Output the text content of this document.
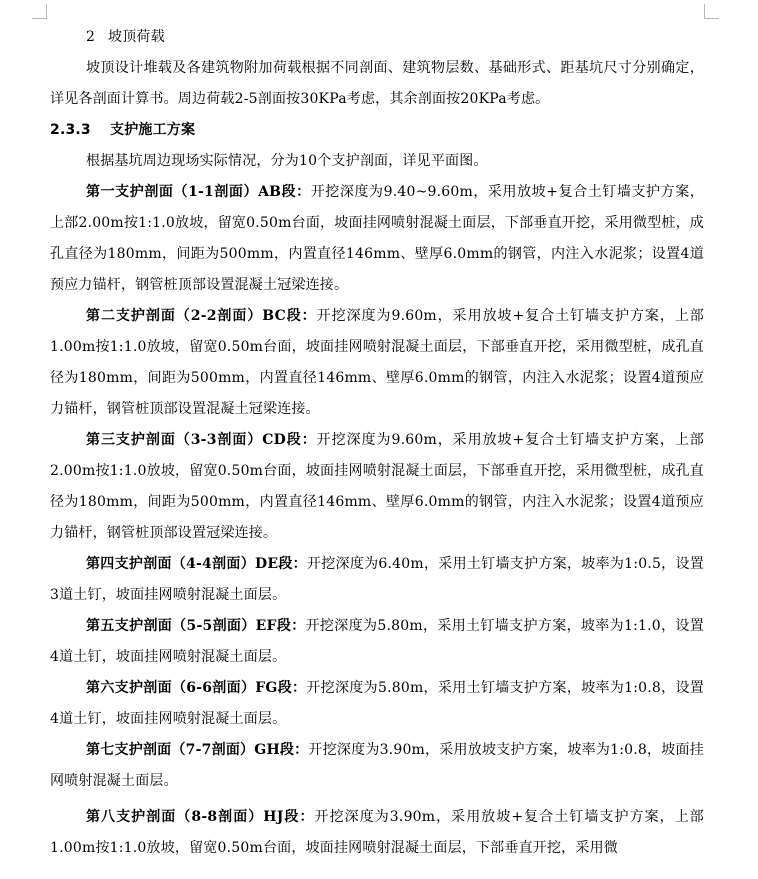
2 坡顶荷载

坡顶设计堆载及各建筑物附加荷载根据不同剖面、建筑物层数、基础形式、距基坑尺寸分别确定，详见各剖面计算书。周边荷载2-5剖面按30KPa考虑，其余剖面按20KPa考虑。

2.3.3 支护施工方案

根据基坑周边现场实际情况，分为10个支护剖面，详见平面图。

第一支护剖面（1-1剖面）AB段：开挖深度为9.40~9.60m，采用放坡+复合土钉墙支护方案，上部2.00m按1:1.0放坡，留宽0.50m台面，坡面挂网喷射混凝土面层，下部垂直开挖，采用微型桩，成孔直径为180mm，间距为500mm，内置直径146mm、壁厚6.0mm的钢管，内注入水泥浆；设置4道预应力锚杆，钢管桩顶部设置混凝土冠梁连接。

第二支护剖面（2-2剖面）BC段：开挖深度为9.60m，采用放坡+复合土钉墙支护方案，上部1.00m按1:1.0放坡，留宽0.50m台面，坡面挂网喷射混凝土面层，下部垂直开挖，采用微型桩，成孔直径为180mm，间距为500mm，内置直径146mm、壁厚6.0mm的钢管，内注入水泥浆；设置4道预应力锚杆，钢管桩顶部设置混凝土冠梁连接。

第三支护剖面（3-3剖面）CD段：开挖深度为9.60m，采用放坡+复合土钉墙支护方案，上部2.00m按1:1.0放坡，留宽0.50m台面，坡面挂网喷射混凝土面层，下部垂直开挖，采用微型桩，成孔直径为180mm，间距为500mm，内置直径146mm、壁厚6.0mm的钢管，内注入水泥浆；设置4道预应力锚杆，钢管桩顶部设置冠梁连接。

第四支护剖面（4-4剖面）DE段：开挖深度为6.40m，采用土钉墙支护方案，坡率为1:0.5，设置3道土钉，坡面挂网喷射混凝土面层。

第五支护剖面（5-5剖面）EF段：开挖深度为5.80m，采用土钉墙支护方案，坡率为1:1.0，设置4道土钉，坡面挂网喷射混凝土面层。

第六支护剖面（6-6剖面）FG段：开挖深度为5.80m，采用土钉墙支护方案，坡率为1:0.8，设置4道土钉，坡面挂网喷射混凝土面层。

第七支护剖面（7-7剖面）GH段：开挖深度为3.90m，采用放坡支护方案，坡率为1:0.8，坡面挂网喷射混凝土面层。

第八支护剖面（8-8剖面）HJ段：开挖深度为3.90m，采用放坡+复合土钉墙支护方案，上部1.00m按1:1.0放坡，留宽0.50m台面，坡面挂网喷射混凝土面层，下部垂直开挖，采用微
